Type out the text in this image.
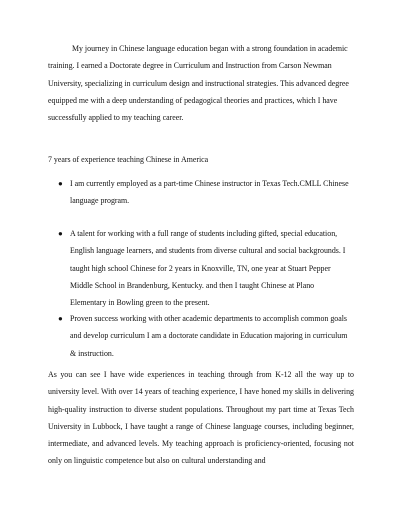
My journey in Chinese language education began with a strong foundation in academic training. I earned a Doctorate degree in Curriculum and Instruction from Carson Newman University, specializing in curriculum design and instructional strategies. This advanced degree equipped me with a deep understanding of pedagogical theories and practices, which I have successfully applied to my teaching career.

7 years of experience teaching Chinese in America

● I am currently employed as a part-time Chinese instructor in Texas Tech.CMLL Chinese language program.
● A talent for working with a full range of students including gifted, special education, English language learners, and students from diverse cultural and social backgrounds. I taught high school Chinese for 2 years in Knoxville, TN, one year at Stuart Pepper Middle School in Brandenburg, Kentucky. and then I taught Chinese at Plano Elementary in Bowling green to the present.
● Proven success working with other academic departments to accomplish common goals and develop curriculum I am a doctorate candidate in Education majoring in curriculum & instruction.

As you can see I have wide experiences in teaching through from K-12 all the way up to university level. With over 14 years of teaching experience, I have honed my skills in delivering high-quality instruction to diverse student populations. Throughout my part time at Texas Tech University in Lubbock, I have taught a range of Chinese language courses, including beginner, intermediate, and advanced levels. My teaching approach is proficiency-oriented, focusing not only on linguistic competence but also on cultural understanding and
